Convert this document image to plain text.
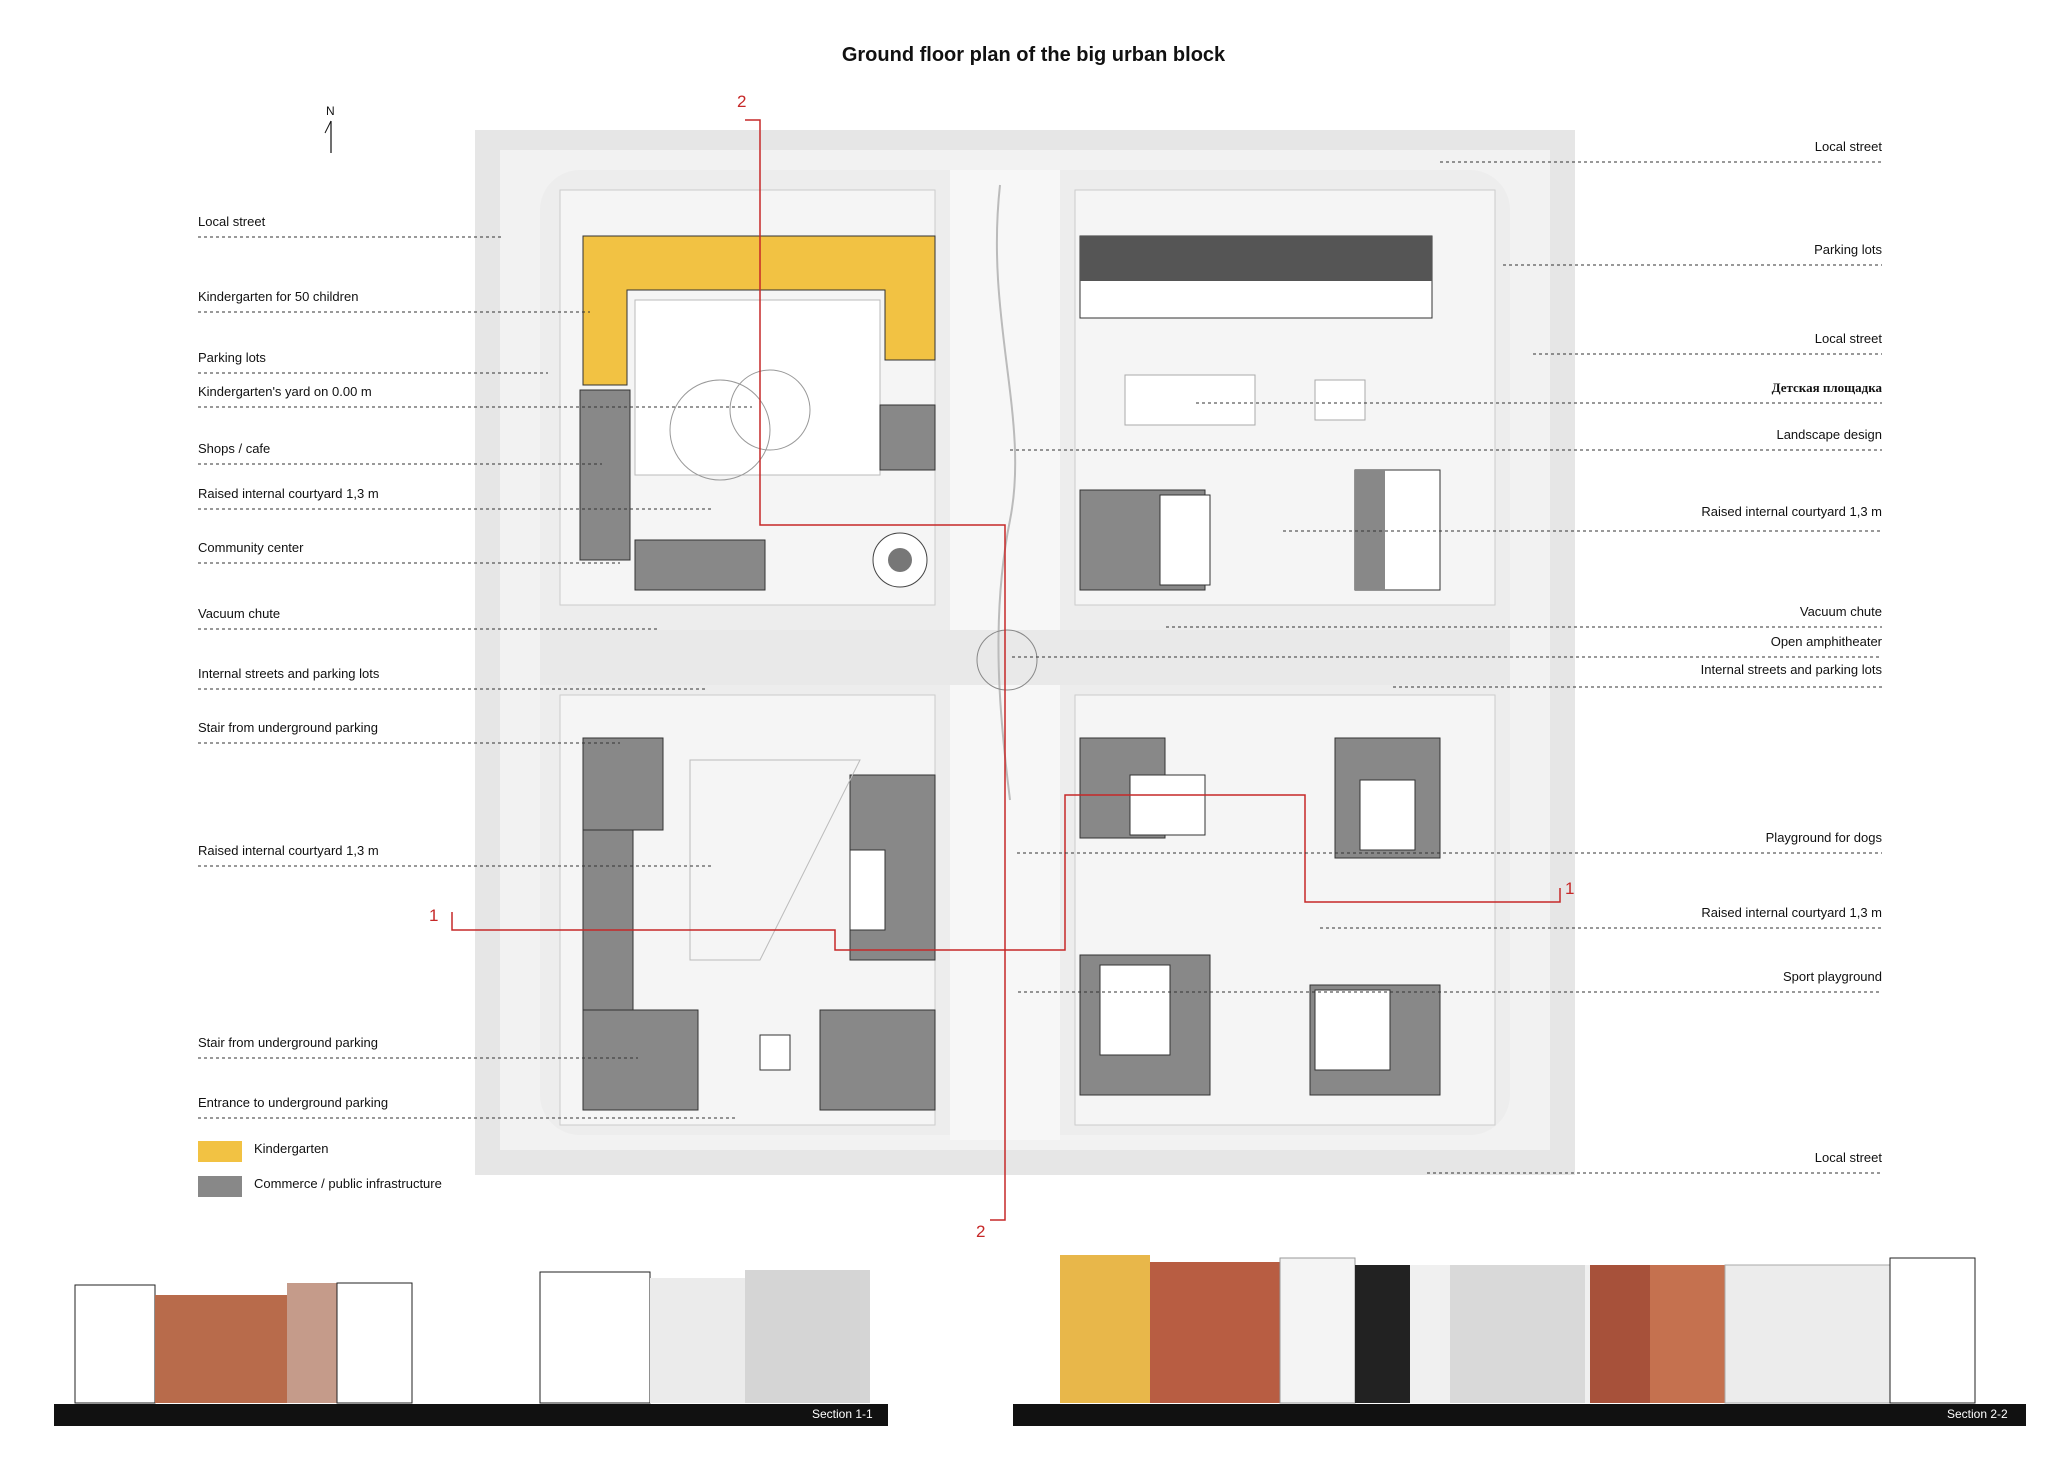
Ground floor plan of the big urban block
N
Local street
Kindergarten for 50 children
Parking lots
Kindergarten's yard on 0.00 m
Shops / cafe
Raised internal courtyard 1,3 m
Community center
Vacuum chute
Internal streets and parking lots
Stair from underground parking
Raised internal courtyard 1,3 m
Stair from underground parking
Entrance to underground parking
Local street
Parking lots
Local street
Детская площадка
Landscape design
Raised internal courtyard 1,3 m
Vacuum chute
Open amphitheater
Internal streets and parking lots
Playground for dogs
Raised internal courtyard 1,3 m
Sport playground
Local street
Kindergarten
Commerce / public infrastructure
1
1
2
2
Section 1-1	Section 2-2
